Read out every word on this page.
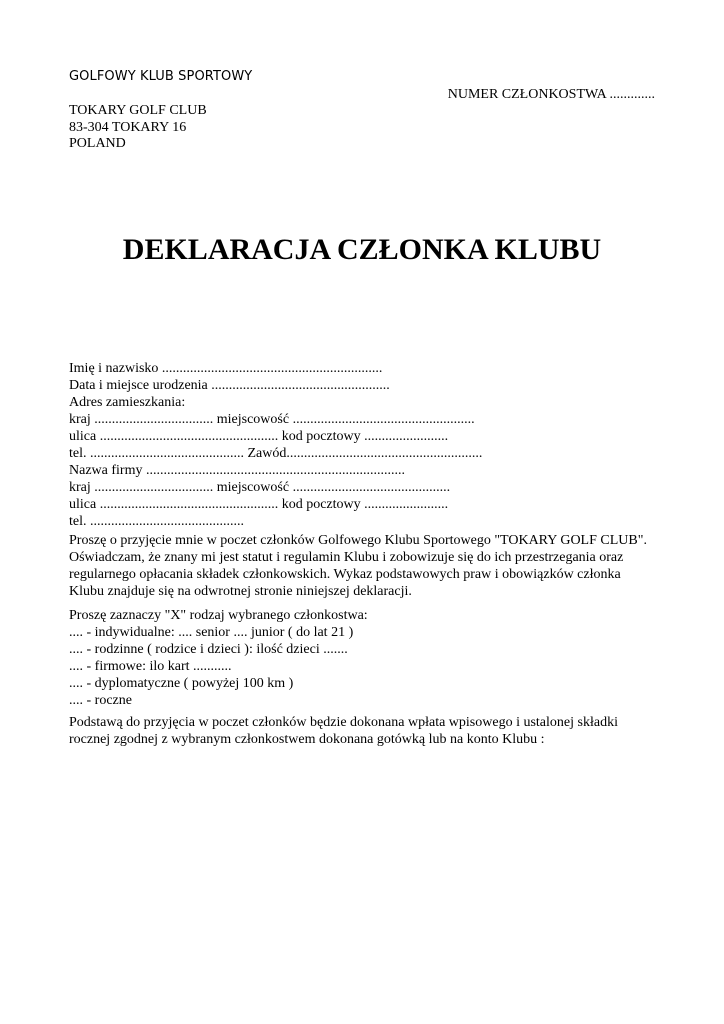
GOLFOWY KLUB SPORTOWY
NUMER CZŁONKOSTWA .............
TOKARY GOLF CLUB
83-304 TOKARY 16
POLAND
DEKLARACJA CZŁONKA KLUBU
Imię i nazwisko ...............................................................
Data i miejsce urodzenia ...................................................
Adres zamieszkania:
kraj .................................. miejscowość ....................................................
ulica ................................................... kod pocztowy ........................
tel. ............................................ Zawód........................................................
Nazwa firmy ..........................................................................
kraj .................................. miejscowość .............................................
ulica ................................................... kod pocztowy ........................
tel. ............................................

Proszę o przyjęcie mnie w poczet członków Golfowego Klubu Sportowego "TOKARY GOLF CLUB". Oświadczam, że znany mi jest statut i regulamin Klubu i zobowizuje się do ich przestrzegania oraz regularnego opłacania składek członkowskich. Wykaz podstawowych praw i obowiązków członka Klubu znajduje się na odwrotnej stronie niniejszej deklaracji.

Proszę zaznaczy "X" rodzaj wybranego członkostwa:
.... - indywidualne: .... senior .... junior ( do lat 21 )
.... - rodzinne ( rodzice i dzieci ): ilość dzieci .......
.... - firmowe: ilo kart ...........
.... - dyplomatyczne ( powyżej 100 km )
.... - roczne

Podstawą do przyjęcia w poczet członków będzie dokonana wpłata wpisowego i ustalonej składki rocznej zgodnej z wybranym członkostwem dokonana gotówką lub na konto Klubu :
